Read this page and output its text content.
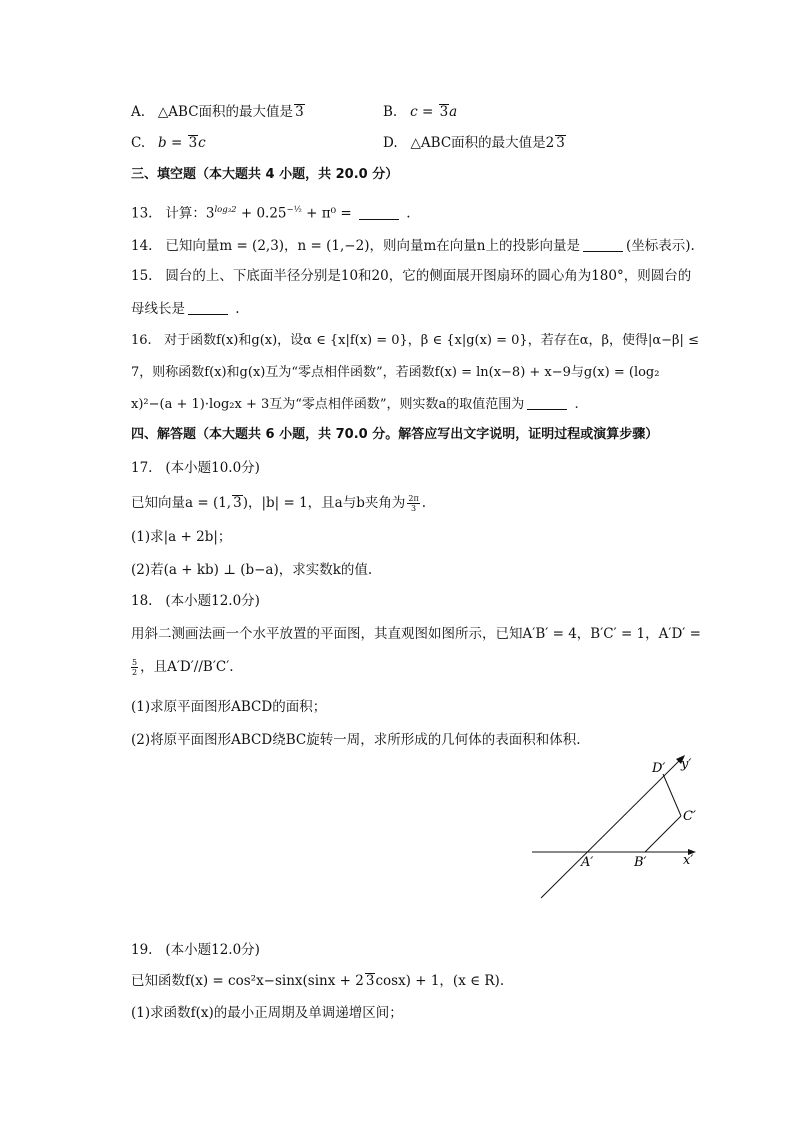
A. △ABC面积的最大值是 3	B. c = 3a
C. b = 3c	D. △ABC面积的最大值是2 3
三、填空题（本大题共 4 小题，共 20.0 分）
13. 计算：$3^{log_32} + 0.25^{-\frac{1}{2}} + \pi^0$ =	.
14. 已知向量m = (2,3)，n = (1,−2)，则向量m在向量n上的投影向量是	(坐标表示).
15. 圆台的上、下底面半径分别是10和20，它的侧面展开图扇环的圆心角为180°，则圆台的
母线长是	.
16. 对于函数f(x)和g(x)，设α ∈ {x|f(x) = 0}，β ∈ {x|g(x) = 0}，若存在α，β，使得|α−β| ≤
7，则称函数f(x)和g(x)互为“零点相伴函数”，若函数f(x) = ln(x−8) + x−9与g(x) = (log₂
x)²−(a + 1)·log₂x + 3互为“零点相伴函数”，则实数a的取值范围为	.
四、解答题（本大题共 6 小题，共 70.0 分。解答应写出文字说明，证明过程或演算步骤）
17. (本小题10.0分)
已知向量a = (1, 3)，|b| = 1，且a与b夹角为 $\frac{2\pi}{3}$ .
(1)求|a + 2b|；
(2)若(a + kb) ⊥ (b−a)，求实数k的值.
18. (本小题12.0分)
用斜二测画法画一个水平放置的平面图，其直观图如图所示，已知A′B′ = 4，B′C′ = 1，A′D′ =
$\frac{5}{2}$ ，且A′D′//B′C′.
(1)求原平面图形ABCD的面积；
(2)将原平面图形ABCD绕BC旋转一周，求所形成的几何体的表面积和体积.
D′ y′
C′
A′	B′	x′
19. (本小题12.0分)
已知函数f(x) = cos²x−sinx(sinx + 2 3cosx) + 1，(x ∈ R).
(1)求函数f(x)的最小正周期及单调递增区间；
